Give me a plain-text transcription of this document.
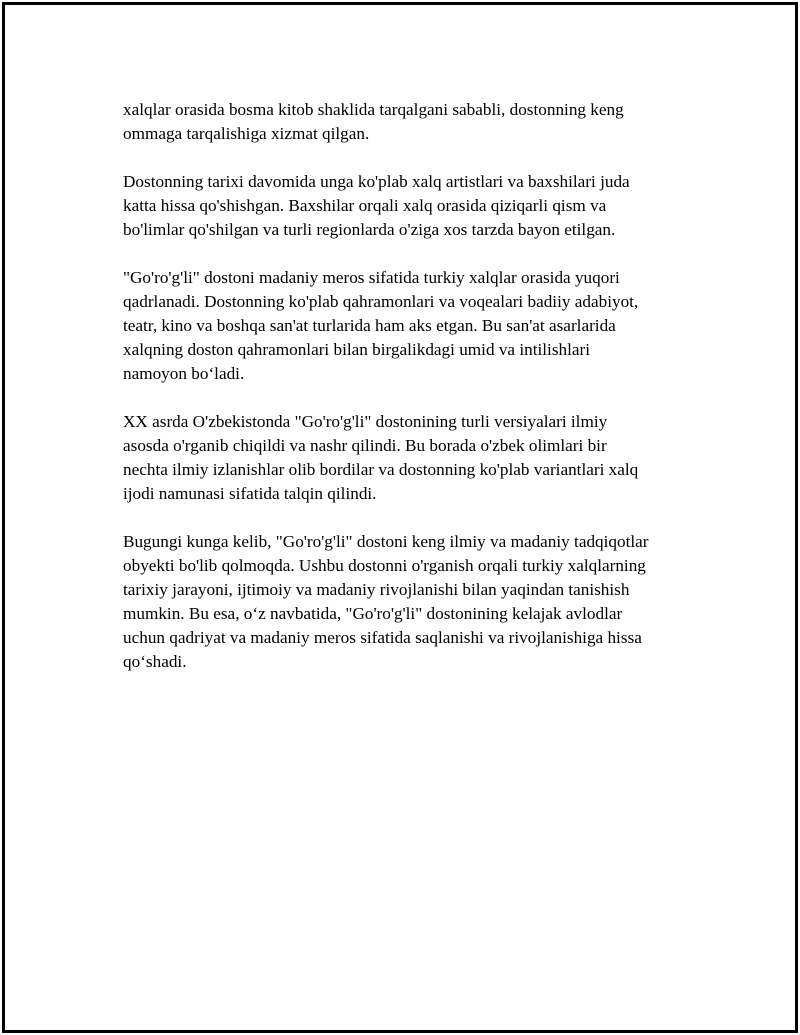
xalqlar orasida bosma kitob shaklida tarqalgani sababli, dostonning keng
ommaga tarqalishiga xizmat qilgan.
Dostonning tarixi davomida unga ko'plab xalq artistlari va baxshilari juda
katta hissa qo'shishgan. Baxshilar orqali xalq orasida qiziqarli qism va
bo'limlar qo'shilgan va turli regionlarda o'ziga xos tarzda bayon etilgan.
"Go'ro'g'li" dostoni madaniy meros sifatida turkiy xalqlar orasida yuqori
qadrlanadi. Dostonning ko'plab qahramonlari va voqealari badiiy adabiyot,
teatr, kino va boshqa san'at turlarida ham aks etgan. Bu san'at asarlarida
xalqning doston qahramonlari bilan birgalikdagi umid va intilishlari
namoyon bo‘ladi.
XX asrda O'zbekistonda "Go'ro'g'li" dostonining turli versiyalari ilmiy
asosda o'rganib chiqildi va nashr qilindi. Bu borada o'zbek olimlari bir
nechta ilmiy izlanishlar olib bordilar va dostonning ko'plab variantlari xalq
ijodi namunasi sifatida talqin qilindi.
Bugungi kunga kelib, "Go'ro'g'li" dostoni keng ilmiy va madaniy tadqiqotlar
obyekti bo'lib qolmoqda. Ushbu dostonni o'rganish orqali turkiy xalqlarning
tarixiy jarayoni, ijtimoiy va madaniy rivojlanishi bilan yaqindan tanishish
mumkin. Bu esa, o‘z navbatida, "Go'ro'g'li" dostonining kelajak avlodlar
uchun qadriyat va madaniy meros sifatida saqlanishi va rivojlanishiga hissa
qo‘shadi.
